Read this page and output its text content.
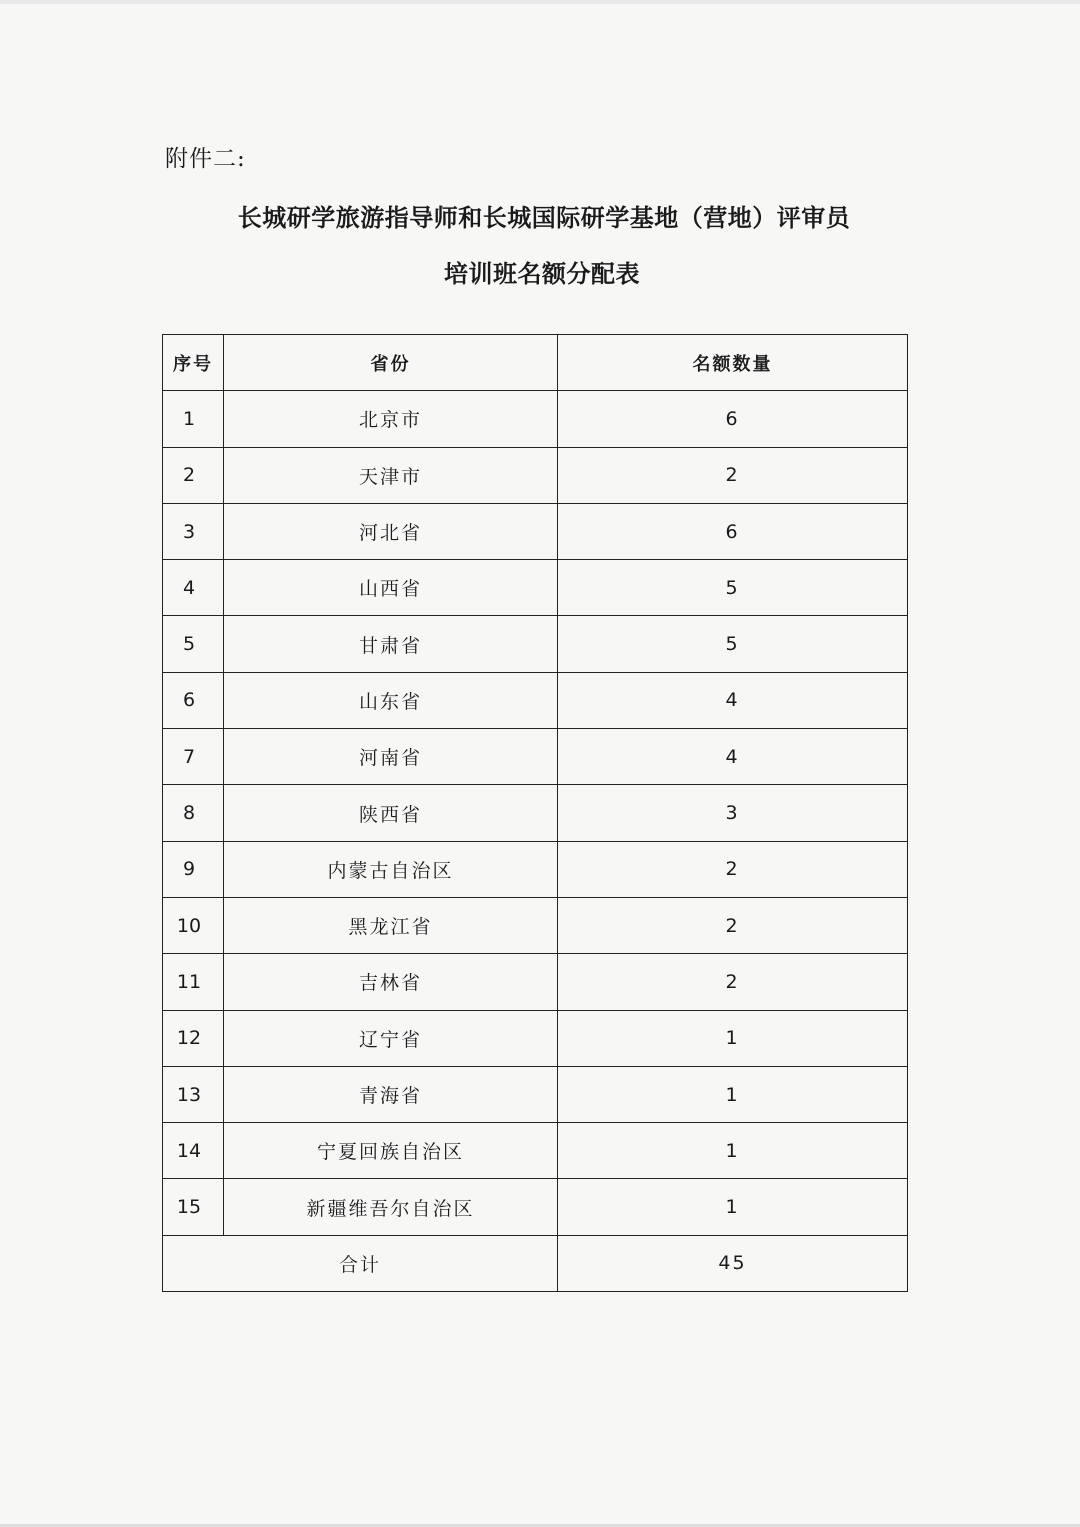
附件二:
长城研学旅游指导师和长城国际研学基地（营地）评审员
培训班名额分配表
序号	省份	名额数量
1	北京市	6
2	天津市	2
3	河北省	6
4	山西省	5
5	甘肃省	5
6	山东省	4
7	河南省	4
8	陕西省	3
9	内蒙古自治区	2
10	黑龙江省	2
11	吉林省	2
12	辽宁省	1
13	青海省	1
14	宁夏回族自治区	1
15	新疆维吾尔自治区	1
合计		45
